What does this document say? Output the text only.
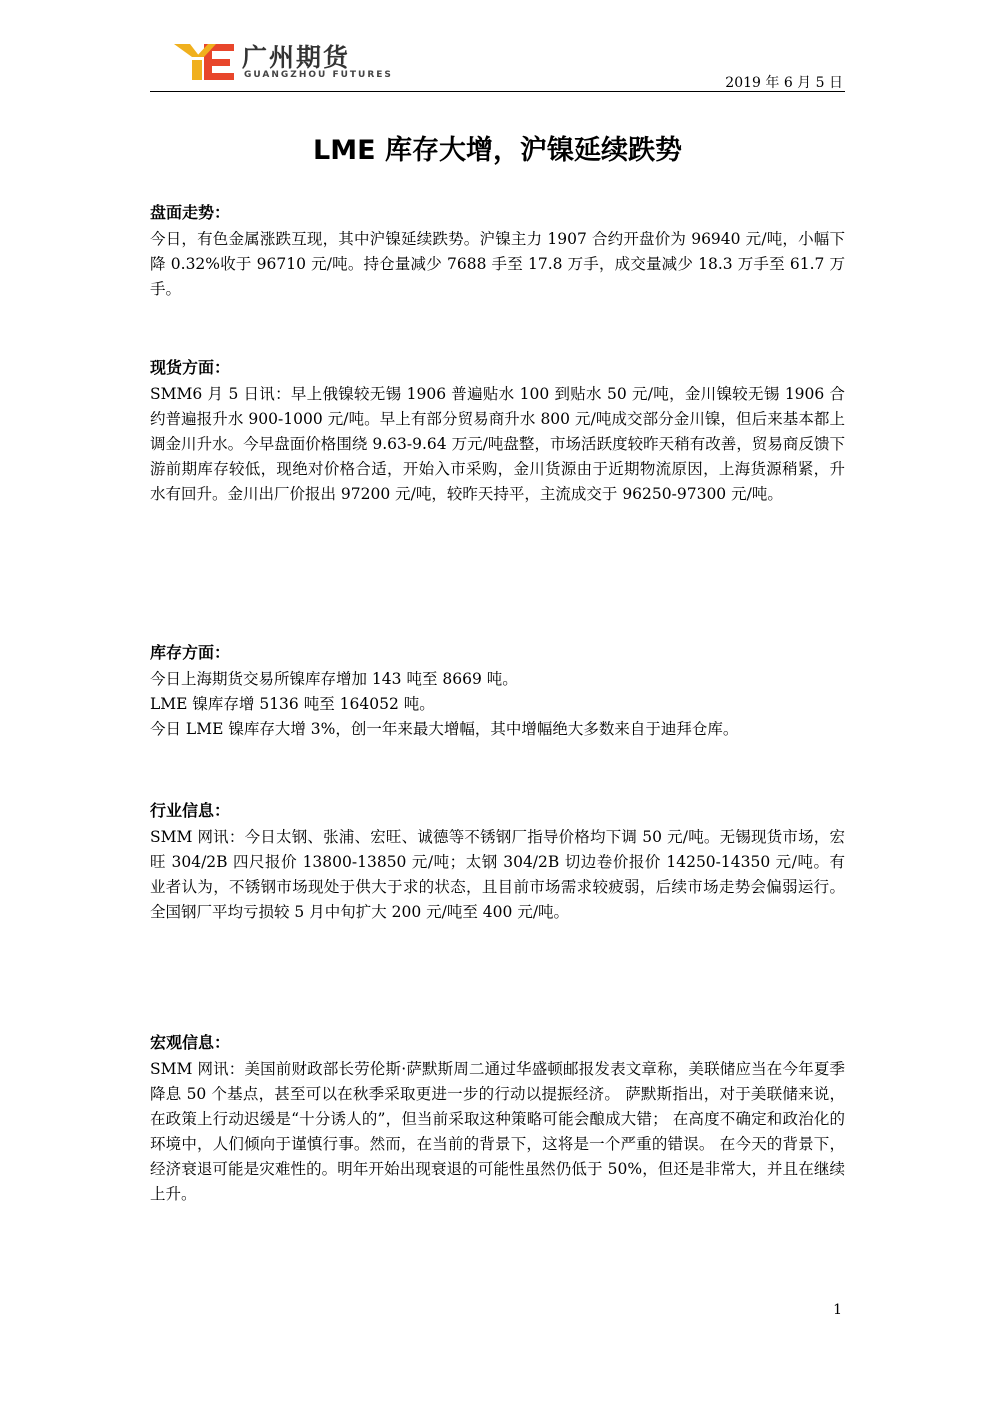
广州期货
GUANGZHOU FUTURES	2019 年 6 月 5 日
LME 库存大增，沪镍延续跌势
盘面走势：

今日，有色金属涨跌互现，其中沪镍延续跌势。沪镍主力 1907 合约开盘价为 96940 元/吨，小幅下降 0.32%收于 96710 元/吨。持仓量减少 7688 手至 17.8 万手，成交量减少 18.3 万手至 61.7 万手。

现货方面：

SMM6 月 5 日讯：早上俄镍较无锡 1906 普遍贴水 100 到贴水 50 元/吨，金川镍较无锡 1906 合约普遍报升水 900-1000 元/吨。早上有部分贸易商升水 800 元/吨成交部分金川镍，但后来基本都上调金川升水。今早盘面价格围绕 9.63-9.64 万元/吨盘整，市场活跃度较昨天稍有改善，贸易商反馈下游前期库存较低，现绝对价格合适，开始入市采购，金川货源由于近期物流原因，上海货源稍紧，升水有回升。金川出厂价报出 97200 元/吨，较昨天持平，主流成交于 96250-97300 元/吨。

库存方面：

今日上海期货交易所镍库存增加 143 吨至 8669 吨。

LME 镍库存增 5136 吨至 164052 吨。

今日 LME 镍库存大增 3%，创一年来最大增幅，其中增幅绝大多数来自于迪拜仓库。

行业信息：

SMM 网讯：今日太钢、张浦、宏旺、诚德等不锈钢厂指导价格均下调 50 元/吨。无锡现货市场，宏旺 304/2B 四尺报价 13800-13850 元/吨；太钢 304/2B 切边卷价报价 14250-14350 元/吨。有业者认为，不锈钢市场现处于供大于求的状态，且目前市场需求较疲弱，后续市场走势会偏弱运行。全国钢厂平均亏损较 5 月中旬扩大 200 元/吨至 400 元/吨。

宏观信息：

SMM 网讯：美国前财政部长劳伦斯·萨默斯周二通过华盛顿邮报发表文章称，美联储应当在今年夏季降息 50 个基点，甚至可以在秋季采取更进一步的行动以提振经济。 萨默斯指出，对于美联储来说，在政策上行动迟缓是“十分诱人的”，但当前采取这种策略可能会酿成大错； 在高度不确定和政治化的环境中，人们倾向于谨慎行事。然而，在当前的背景下，这将是一个严重的错误。 在今天的背景下，经济衰退可能是灾难性的。明年开始出现衰退的可能性虽然仍低于 50%，但还是非常大，并且在继续上升。

1
